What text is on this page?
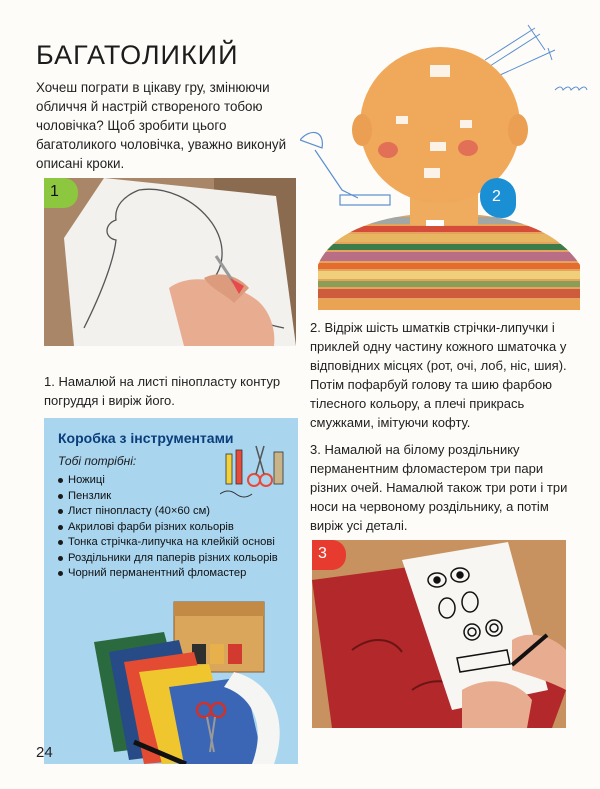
БАГАТОЛИКИЙ

Хочеш пограти в цікаву гру, змінюючи обличчя й настрій створеного тобою чоловічка? Щоб зробити цього багатоликого чоловічка, уважно виконуй описані кроки.

1	2

1. Намалюй на листі пінопласту контур погруддя і виріж його.

2. Відріж шість шматків стрічки-липучки і приклей одну частину кожного шматочка у відповідних місцях (рот, очі, лоб, ніс, шия). Потім пофарбуй голову та шию фарбою тілесного кольору, а плечі прикрась смужками, імітуючи кофту.

3. Намалюй на білому роздільнику перманентним фломастером три пари різних очей. Намалюй також три роти і три носи на червоному роздільнику, а потім виріж усі деталі.

Коробка з інструментами
Тобі потрібні:
Ножиці
Пензлик
Лист пінопласту (40×60 см)
Акрилові фарби різних кольорів
Тонка стрічка-липучка на клейкій основі
Роздільники для паперів різних кольорів
Чорний перманентний фломастер
3
24
